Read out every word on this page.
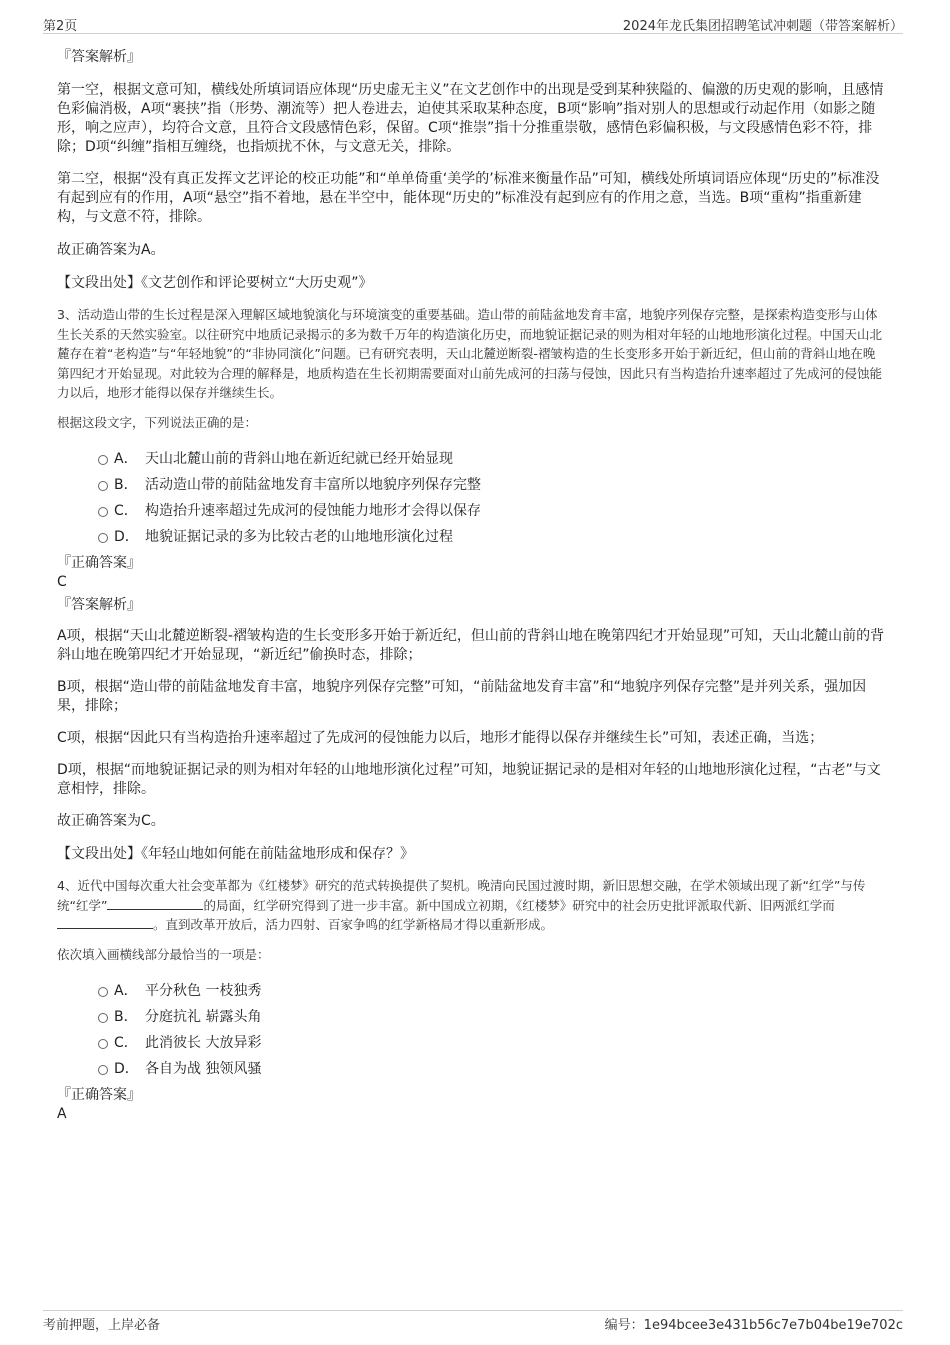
第2页	2024年龙氏集团招聘笔试冲刺题（带答案解析）
『答案解析』

第一空，根据文意可知，横线处所填词语应体现“历史虚无主义”在文艺创作中的出现是受到某种狭隘的、偏激的历史观的影响，且感情色彩偏消极，A项“裹挟”指（形势、潮流等）把人卷进去，迫使其采取某种态度，B项“影响”指对别人的思想或行动起作用（如影之随形，响之应声），均符合文意，且符合文段感情色彩，保留。C项“推崇”指十分推重崇敬，感情色彩偏积极，与文段感情色彩不符，排除；D项“纠缠”指相互缠绕，也指烦扰不休，与文意无关，排除。

第二空，根据“没有真正发挥文艺评论的校正功能”和“单单倚重‘美学的’标准来衡量作品”可知，横线处所填词语应体现“历史的”标准没有起到应有的作用，A项“悬空”指不着地，悬在半空中，能体现“历史的”标准没有起到应有的作用之意，当选。B项“重构”指重新建构，与文意不符，排除。

故正确答案为A。

【文段出处】《文艺创作和评论要树立“大历史观”》

3、活动造山带的生长过程是深入理解区域地貌演化与环境演变的重要基础。造山带的前陆盆地发育丰富，地貌序列保存完整，是探索构造变形与山体生长关系的天然实验室。以往研究中地质记录揭示的多为数千万年的构造演化历史，而地貌证据记录的则为相对年轻的山地地形演化过程。中国天山北麓存在着“老构造”与“年轻地貌”的“非协同演化”问题。已有研究表明，天山北麓逆断裂-褶皱构造的生长变形多开始于新近纪，但山前的背斜山地在晚第四纪才开始显现。对此较为合理的解释是，地质构造在生长初期需要面对山前先成河的扫荡与侵蚀，因此只有当构造抬升速率超过了先成河的侵蚀能力以后，地形才能得以保存并继续生长。

根据这段文字，下列说法正确的是：

A． 天山北麓山前的背斜山地在新近纪就已经开始显现
B． 活动造山带的前陆盆地发育丰富所以地貌序列保存完整
C． 构造抬升速率超过先成河的侵蚀能力地形才会得以保存
D． 地貌证据记录的多为比较古老的山地地形演化过程
『正确答案』
C
『答案解析』

A项，根据“天山北麓逆断裂-褶皱构造的生长变形多开始于新近纪，但山前的背斜山地在晚第四纪才开始显现”可知，天山北麓山前的背斜山地在晚第四纪才开始显现，“新近纪”偷换时态，排除；

B项，根据“造山带的前陆盆地发育丰富，地貌序列保存完整”可知，“前陆盆地发育丰富”和“地貌序列保存完整”是并列关系，强加因果，排除；

C项，根据“因此只有当构造抬升速率超过了先成河的侵蚀能力以后，地形才能得以保存并继续生长”可知，表述正确，当选；

D项，根据“而地貌证据记录的则为相对年轻的山地地形演化过程”可知，地貌证据记录的是相对年轻的山地地形演化过程，“古老”与文意相悖，排除。

故正确答案为C。

【文段出处】《年轻山地如何能在前陆盆地形成和保存？》

4、近代中国每次重大社会变革都为《红楼梦》研究的范式转换提供了契机。晚清向民国过渡时期，新旧思想交融，在学术领域出现了新“红学”与传统“红学”	的局面，红学研究得到了进一步丰富。新中国成立初期，《红楼梦》研究中的社会历史批评派取代新、旧两派红学而 。直到改革开放后，活力四射、百家争鸣的红学新格局才得以重新形成。

依次填入画横线部分最恰当的一项是：

A． 平分秋色 一枝独秀
B． 分庭抗礼 崭露头角
C． 此消彼长 大放异彩
D． 各自为战 独领风骚
『正确答案』
A
考前押题，上岸必备	编号：1e94bcee3e431b56c7e7b04be19e702c
